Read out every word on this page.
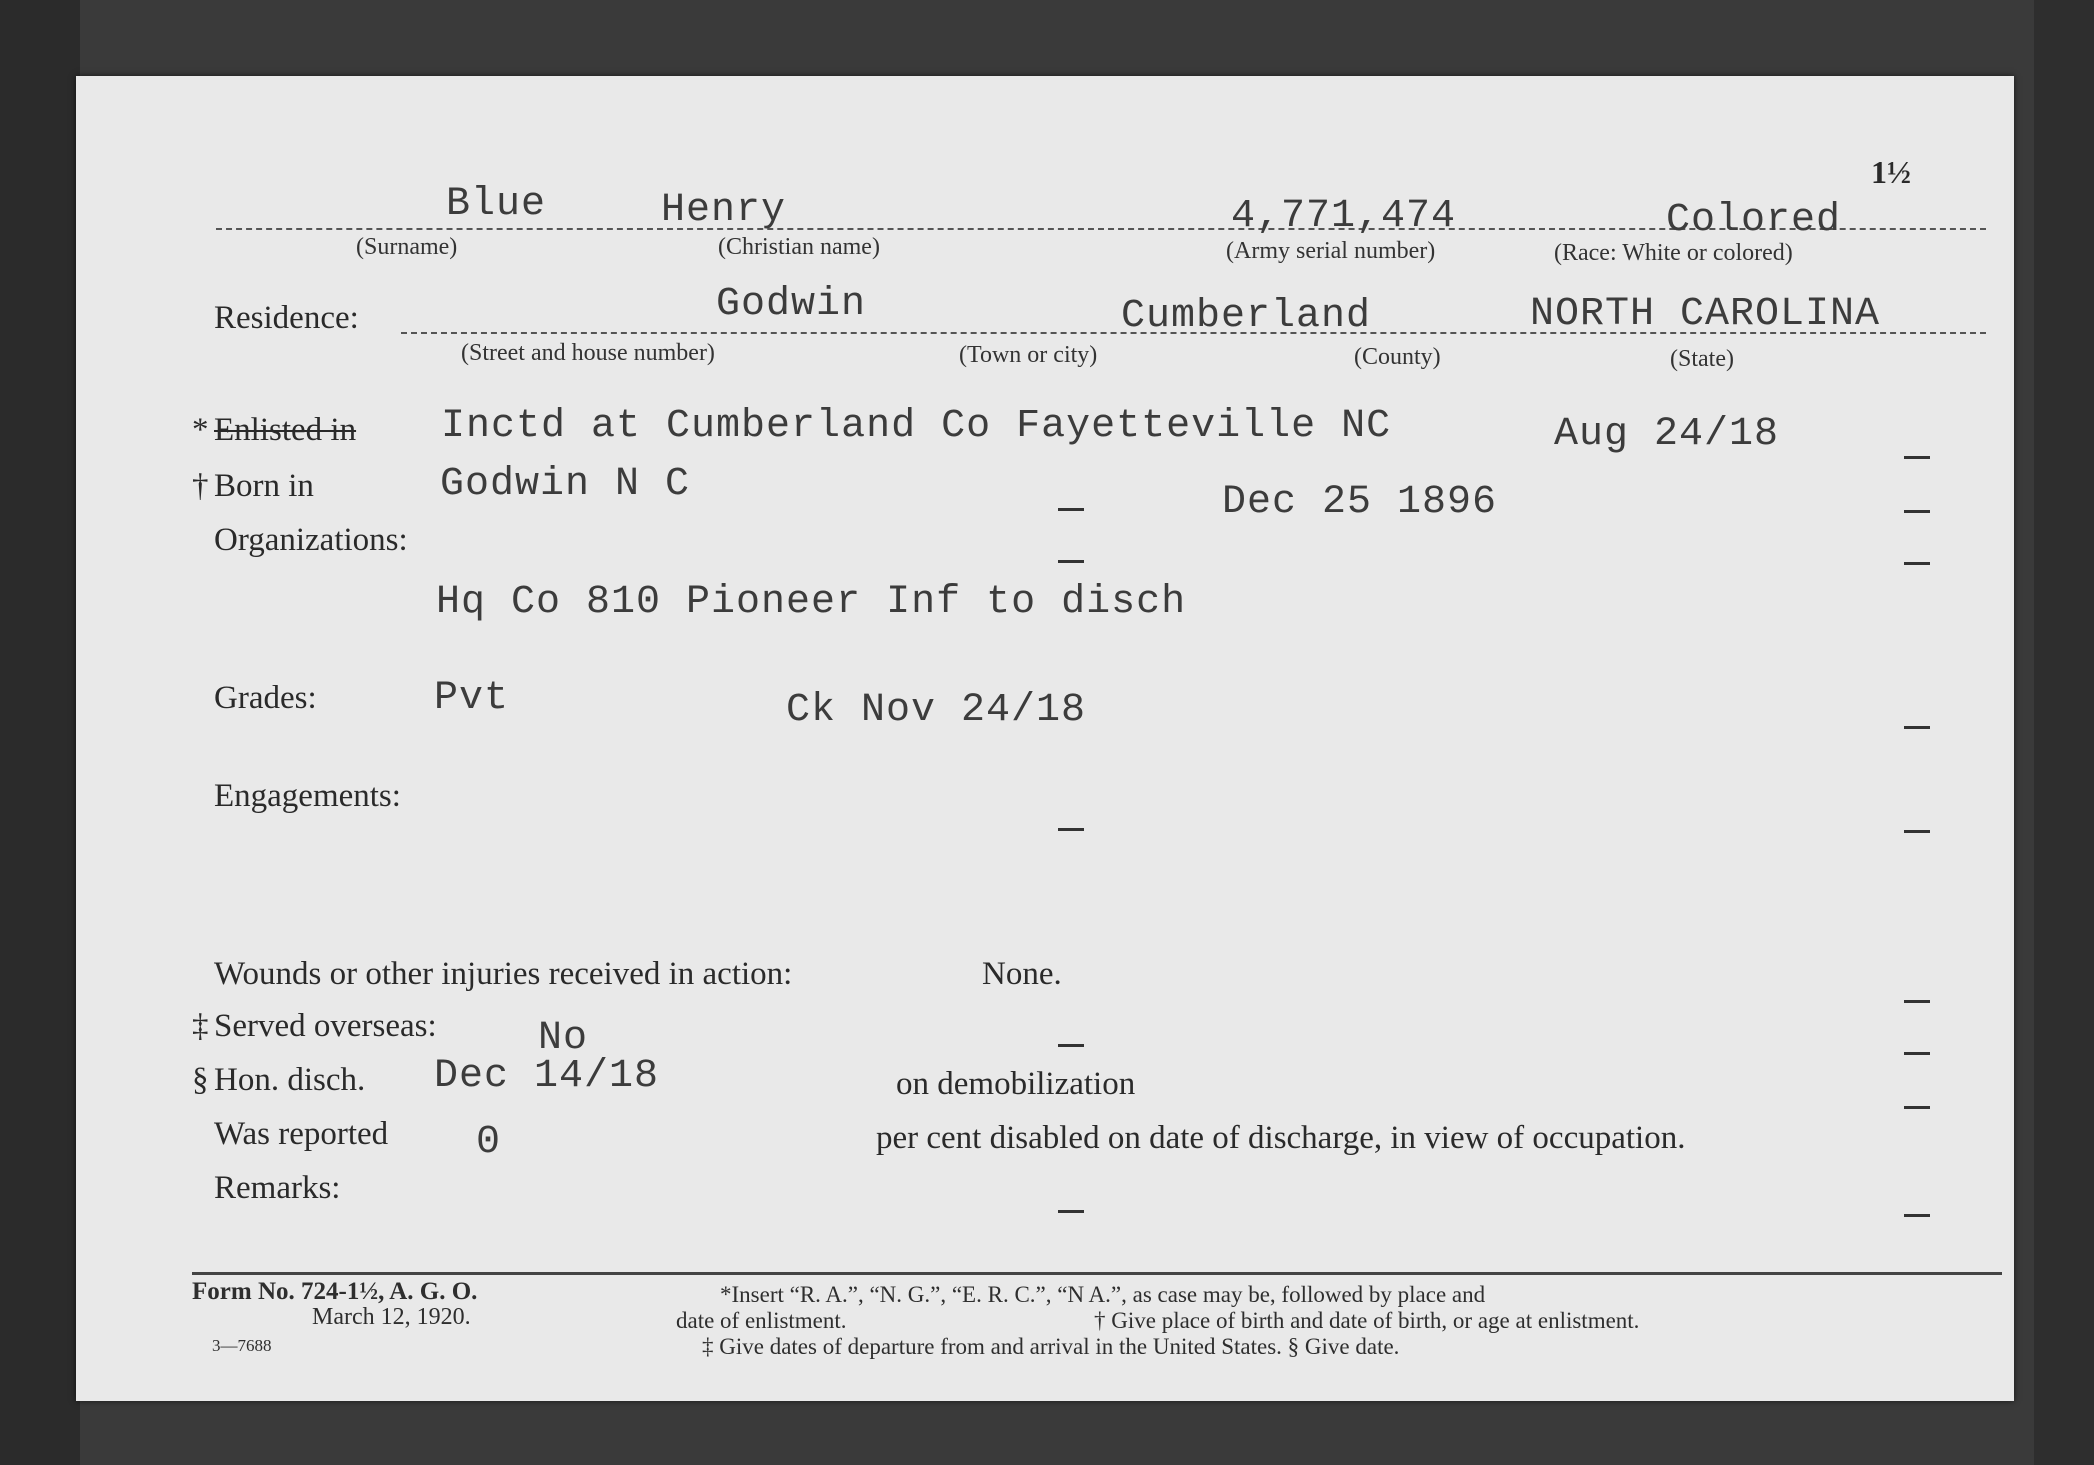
1½
Blue	Henry	4,771,474	Colored
(Surname)	(Christian name)	(Army serial number)	(Race: White or colored)
Residence:	Godwin	Cumberland	NORTH CAROLINA
(Street and house number)	(Town or city)	(County)	(State)
* Enlisted in Inctd at Cumberland Co Fayetteville NC	Aug 24/18
† Born in	Godwin N C	Dec 25 1896
Organizations:
Hq Co 810 Pioneer Inf to disch
Grades:	Pvt	Ck Nov 24/18
Engagements:
Wounds or other injuries received in action:	None.
‡ Served overseas:	No
§ Hon. disch. Dec 14/18	on demobilization
Was reported 0	per cent disabled on date of discharge, in view of occupation.
Remarks:
Form No. 724-1½, A. G. O.
March 12, 1920.
3—7688
*Insert “R. A.”, “N. G.”, “E. R. C.”, “N A.”, as case may be, followed by place and
date of enlistment.	† Give place of birth and date of birth, or age at enlistment.
‡ Give dates of departure from and arrival in the United States. § Give date.
